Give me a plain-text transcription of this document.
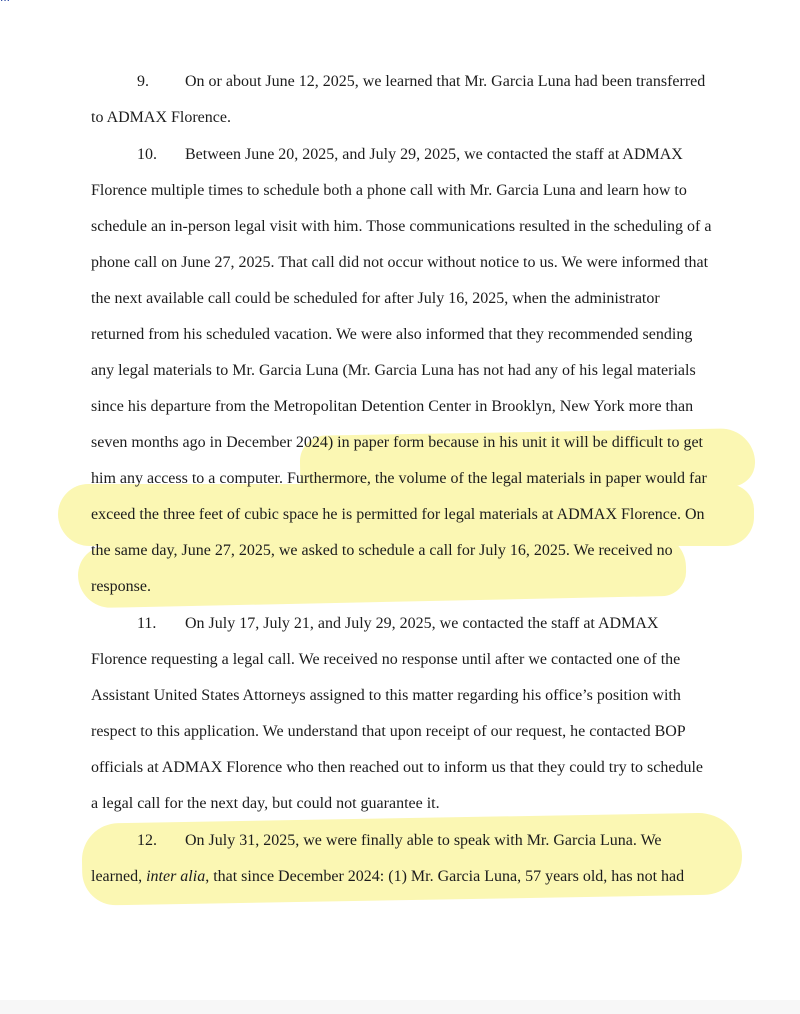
9. On or about June 12, 2025, we learned that Mr. Garcia Luna had been transferred
to ADMAX Florence.
10. Between June 20, 2025, and July 29, 2025, we contacted the staff at ADMAX
Florence multiple times to schedule both a phone call with Mr. Garcia Luna and learn how to
schedule an in-person legal visit with him. Those communications resulted in the scheduling of a
phone call on June 27, 2025. That call did not occur without notice to us. We were informed that
the next available call could be scheduled for after July 16, 2025, when the administrator
returned from his scheduled vacation. We were also informed that they recommended sending
any legal materials to Mr. Garcia Luna (Mr. Garcia Luna has not had any of his legal materials
since his departure from the Metropolitan Detention Center in Brooklyn, New York more than
seven months ago in December 2024) in paper form because in his unit it will be difficult to get
him any access to a computer. Furthermore, the volume of the legal materials in paper would far
exceed the three feet of cubic space he is permitted for legal materials at ADMAX Florence. On
the same day, June 27, 2025, we asked to schedule a call for July 16, 2025. We received no
response.
11. On July 17, July 21, and July 29, 2025, we contacted the staff at ADMAX
Florence requesting a legal call. We received no response until after we contacted one of the
Assistant United States Attorneys assigned to this matter regarding his office’s position with
respect to this application. We understand that upon receipt of our request, he contacted BOP
officials at ADMAX Florence who then reached out to inform us that they could try to schedule
a legal call for the next day, but could not guarantee it.
12. On July 31, 2025, we were finally able to speak with Mr. Garcia Luna. We
learned, inter alia, that since December 2024: (1) Mr. Garcia Luna, 57 years old, has not had
